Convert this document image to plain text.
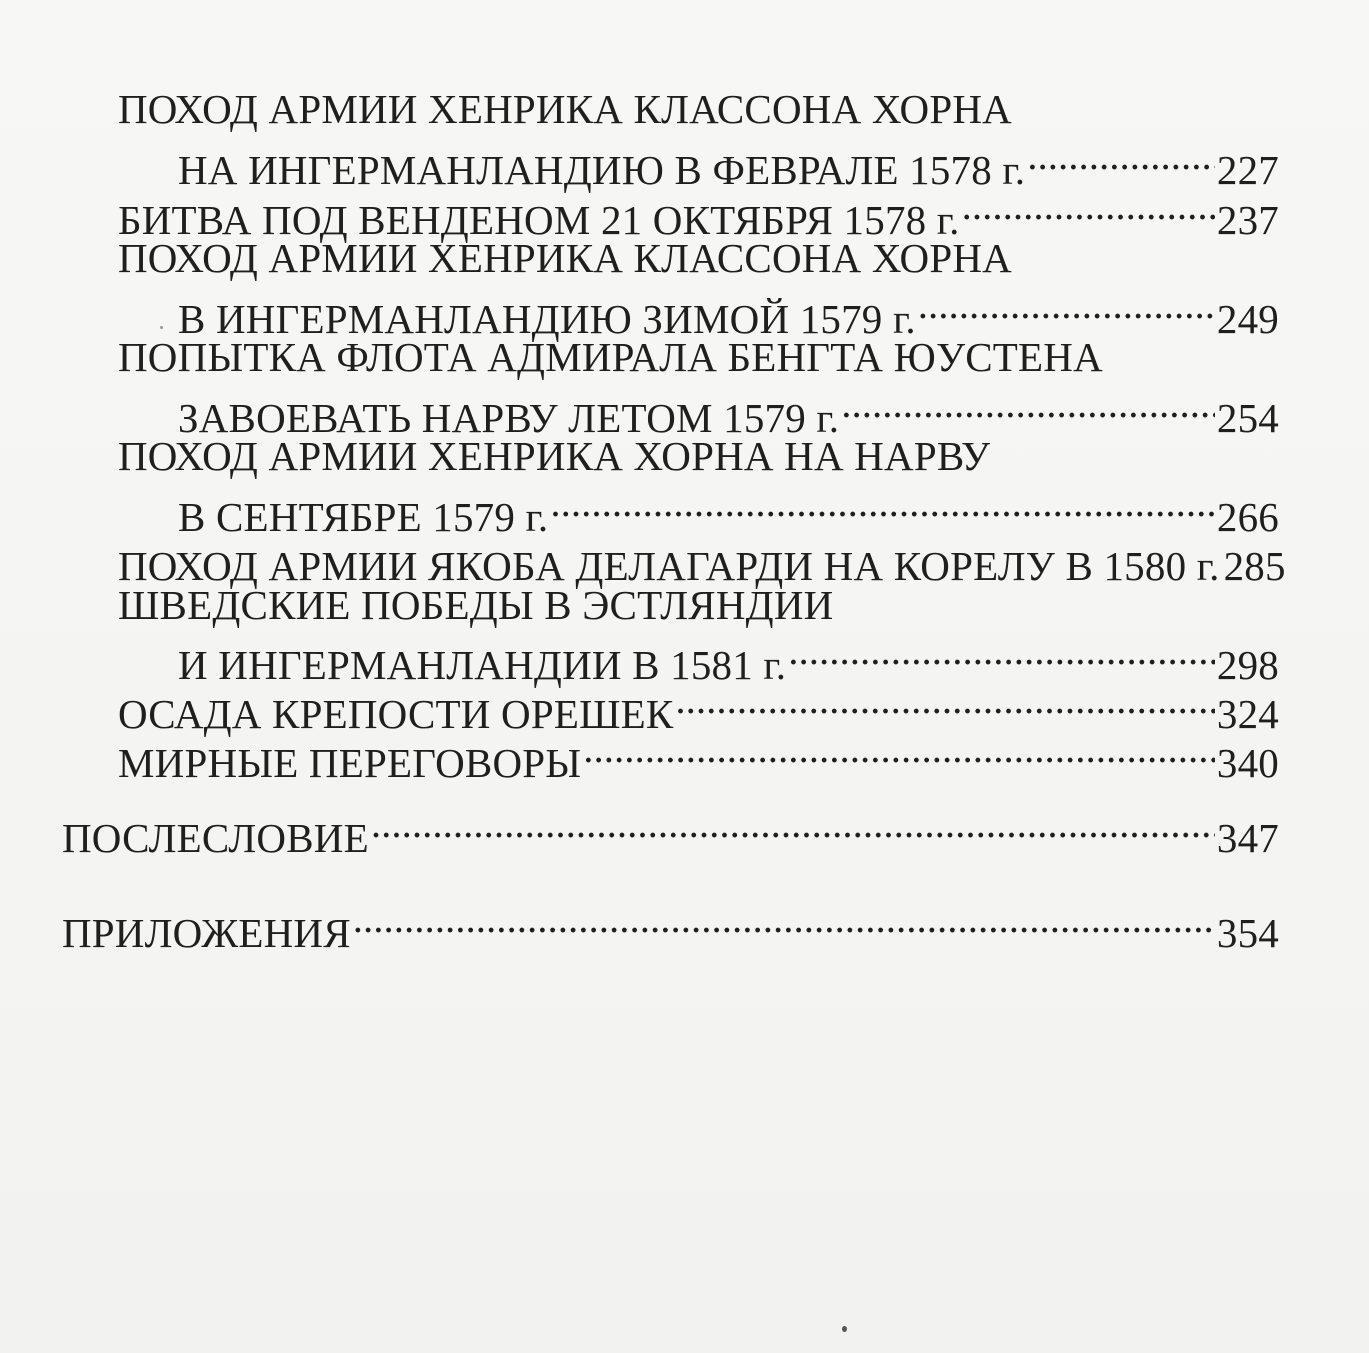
ПОХОД АРМИИ ХЕНРИКА КЛАССОНА ХОРНА
НА ИНГЕРМАНЛАНДИЮ В ФЕВРАЛЕ 1578 г. .....	227
БИТВА ПОД ВЕНДЕНОМ 21 ОКТЯБРЯ 1578 г. .....	237
ПОХОД АРМИИ ХЕНРИКА КЛАССОНА ХОРНА
В ИНГЕРМАНЛАНДИЮ ЗИМОЙ 1579 г. .....	249
ПОПЫТКА ФЛОТА АДМИРАЛА БЕНГТА ЮУСТЕНА
ЗАВОЕВАТЬ НАРВУ ЛЕТОМ 1579 г. .....	254
ПОХОД АРМИИ ХЕНРИКА ХОРНА НА НАРВУ
В СЕНТЯБРЕ 1579 г. .....	266
ПОХОД АРМИИ ЯКОБА ДЕЛАГАРДИ НА КОРЕЛУ В 1580 г. 285
ШВЕДСКИЕ ПОБЕДЫ В ЭСТЛЯНДИИ
И ИНГЕРМАНЛАНДИИ В 1581 г. .....	298
ОСАДА КРЕПОСТИ ОРЕШЕК .....	324
МИРНЫЕ ПЕРЕГОВОРЫ .....	340
ПОСЛЕСЛОВИЕ .....	347
ПРИЛОЖЕНИЯ .....	354
